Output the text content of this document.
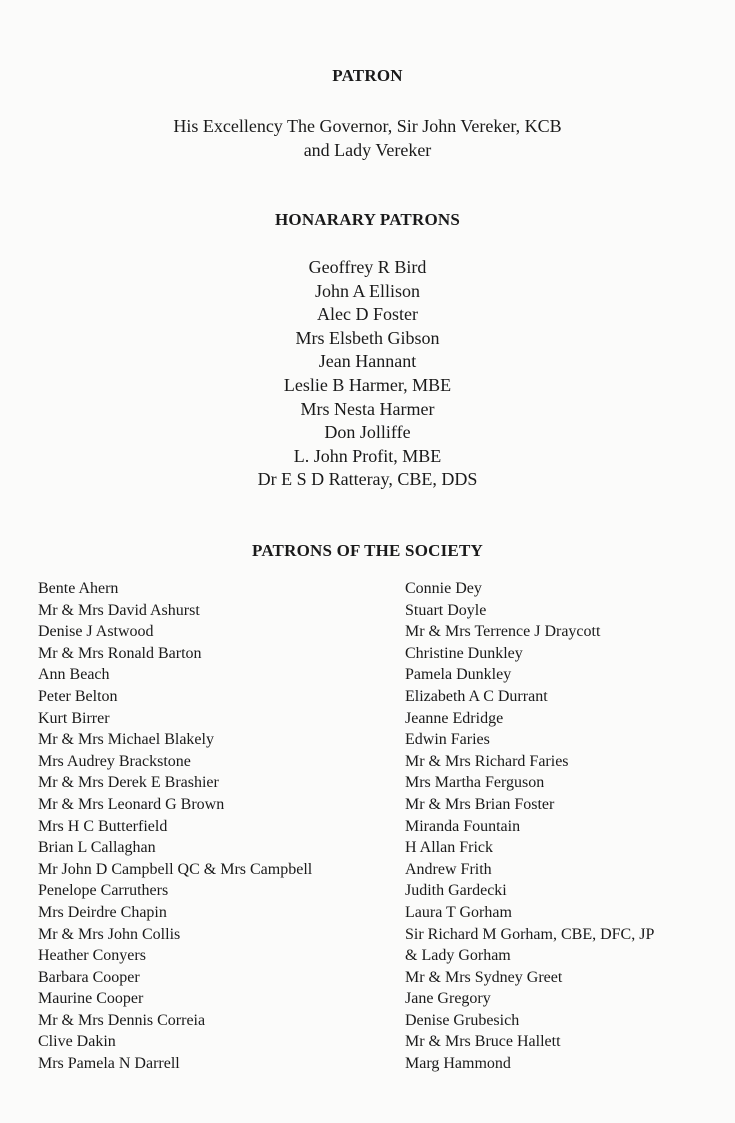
PATRON
His Excellency The Governor, Sir John Vereker, KCB
and Lady Vereker
HONARARY PATRONS
Geoffrey R Bird
John A Ellison
Alec D Foster
Mrs Elsbeth Gibson
Jean Hannant
Leslie B Harmer, MBE
Mrs Nesta Harmer
Don Jolliffe
L. John Profit, MBE
Dr E S D Ratteray, CBE, DDS
PATRONS OF THE SOCIETY
Bente Ahern
Mr & Mrs David Ashurst
Denise J Astwood
Mr & Mrs Ronald Barton
Ann Beach
Peter Belton
Kurt Birrer
Mr & Mrs Michael Blakely
Mrs Audrey Brackstone
Mr & Mrs Derek E Brashier
Mr & Mrs Leonard G Brown
Mrs H C Butterfield
Brian L Callaghan
Mr John D Campbell QC & Mrs Campbell
Penelope Carruthers
Mrs Deirdre Chapin
Mr & Mrs John Collis
Heather Conyers
Barbara Cooper
Maurine Cooper
Mr & Mrs Dennis Correia
Clive Dakin
Mrs Pamela N Darrell
Connie Dey
Stuart Doyle
Mr & Mrs Terrence J Draycott
Christine Dunkley
Pamela Dunkley
Elizabeth A C Durrant
Jeanne Edridge
Edwin Faries
Mr & Mrs Richard Faries
Mrs Martha Ferguson
Mr & Mrs Brian Foster
Miranda Fountain
H Allan Frick
Andrew Frith
Judith Gardecki
Laura T Gorham
Sir Richard M Gorham, CBE, DFC, JP
& Lady Gorham
Mr & Mrs Sydney Greet
Jane Gregory
Denise Grubesich
Mr & Mrs Bruce Hallett
Marg Hammond
